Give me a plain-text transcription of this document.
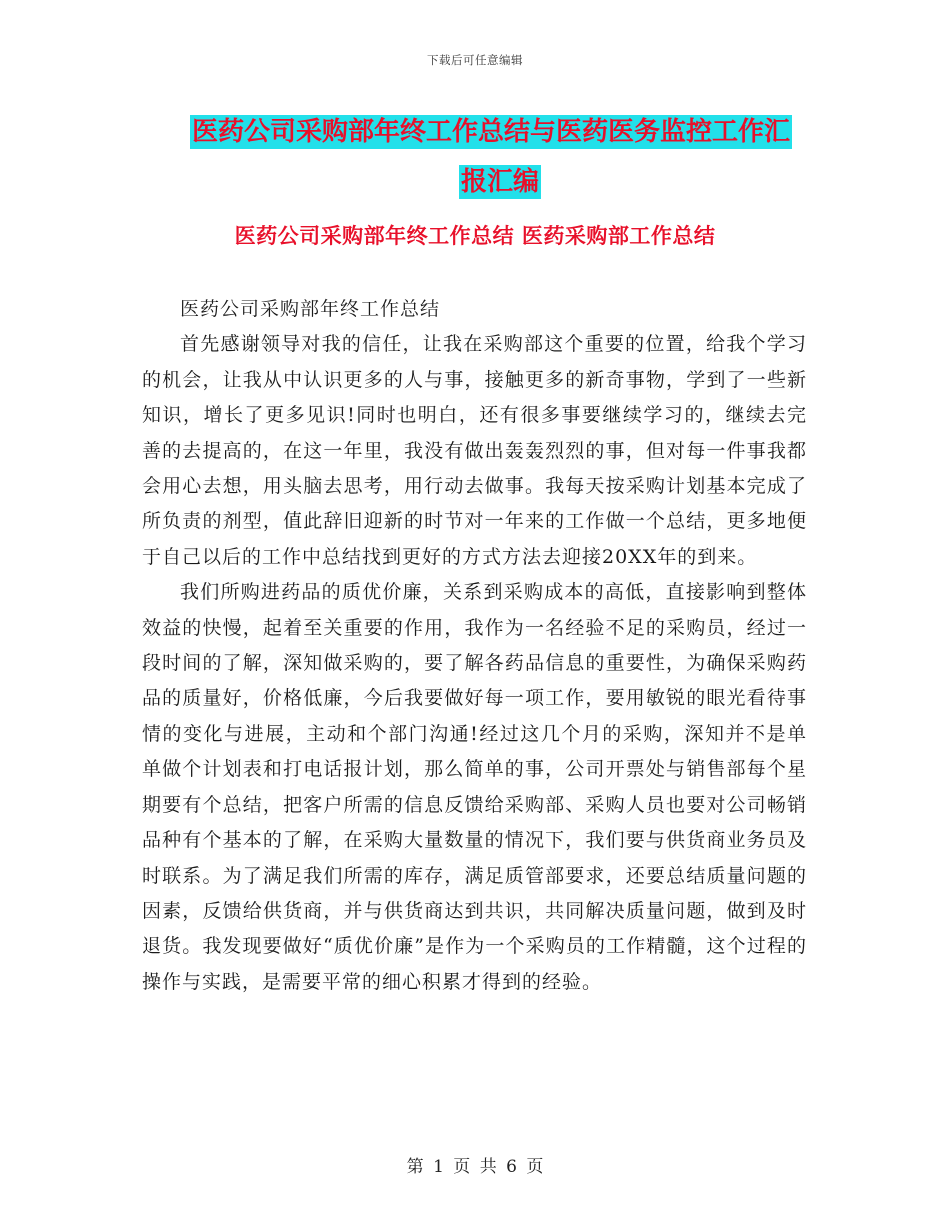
下载后可任意编辑
医药公司采购部年终工作总结与医药医务监控工作汇
报汇编
医药公司采购部年终工作总结 医药采购部工作总结

医药公司采购部年终工作总结

首先感谢领导对我的信任，让我在采购部这个重要的位置，给我个学习的机会，让我从中认识更多的人与事，接触更多的新奇事物，学到了一些新知识，增长了更多见识!同时也明白，还有很多事要继续学习的，继续去完善的去提高的，在这一年里，我没有做出轰轰烈烈的事，但对每一件事我都会用心去想，用头脑去思考，用行动去做事。我每天按采购计划基本完成了所负责的剂型，值此辞旧迎新的时节对一年来的工作做一个总结，更多地便于自己以后的工作中总结找到更好的方式方法去迎接20XX年的到来。

我们所购进药品的质优价廉，关系到采购成本的高低，直接影响到整体效益的快慢，起着至关重要的作用，我作为一名经验不足的采购员，经过一段时间的了解，深知做采购的，要了解各药品信息的重要性，为确保采购药品的质量好，价格低廉，今后我要做好每一项工作，要用敏锐的眼光看待事情的变化与进展，主动和个部门沟通!经过这几个月的采购，深知并不是单单做个计划表和打电话报计划，那么简单的事，公司开票处与销售部每个星期要有个总结，把客户所需的信息反馈给采购部、采购人员也要对公司畅销品种有个基本的了解，在采购大量数量的情况下，我们要与供货商业务员及时联系。为了满足我们所需的库存，满足质管部要求，还要总结质量问题的因素，反馈给供货商，并与供货商达到共识，共同解决质量问题，做到及时退货。我发现要做好“质优价廉”是作为一个采购员的工作精髓，这个过程的操作与实践，是需要平常的细心积累才得到的经验。

第 1 页 共 6 页
